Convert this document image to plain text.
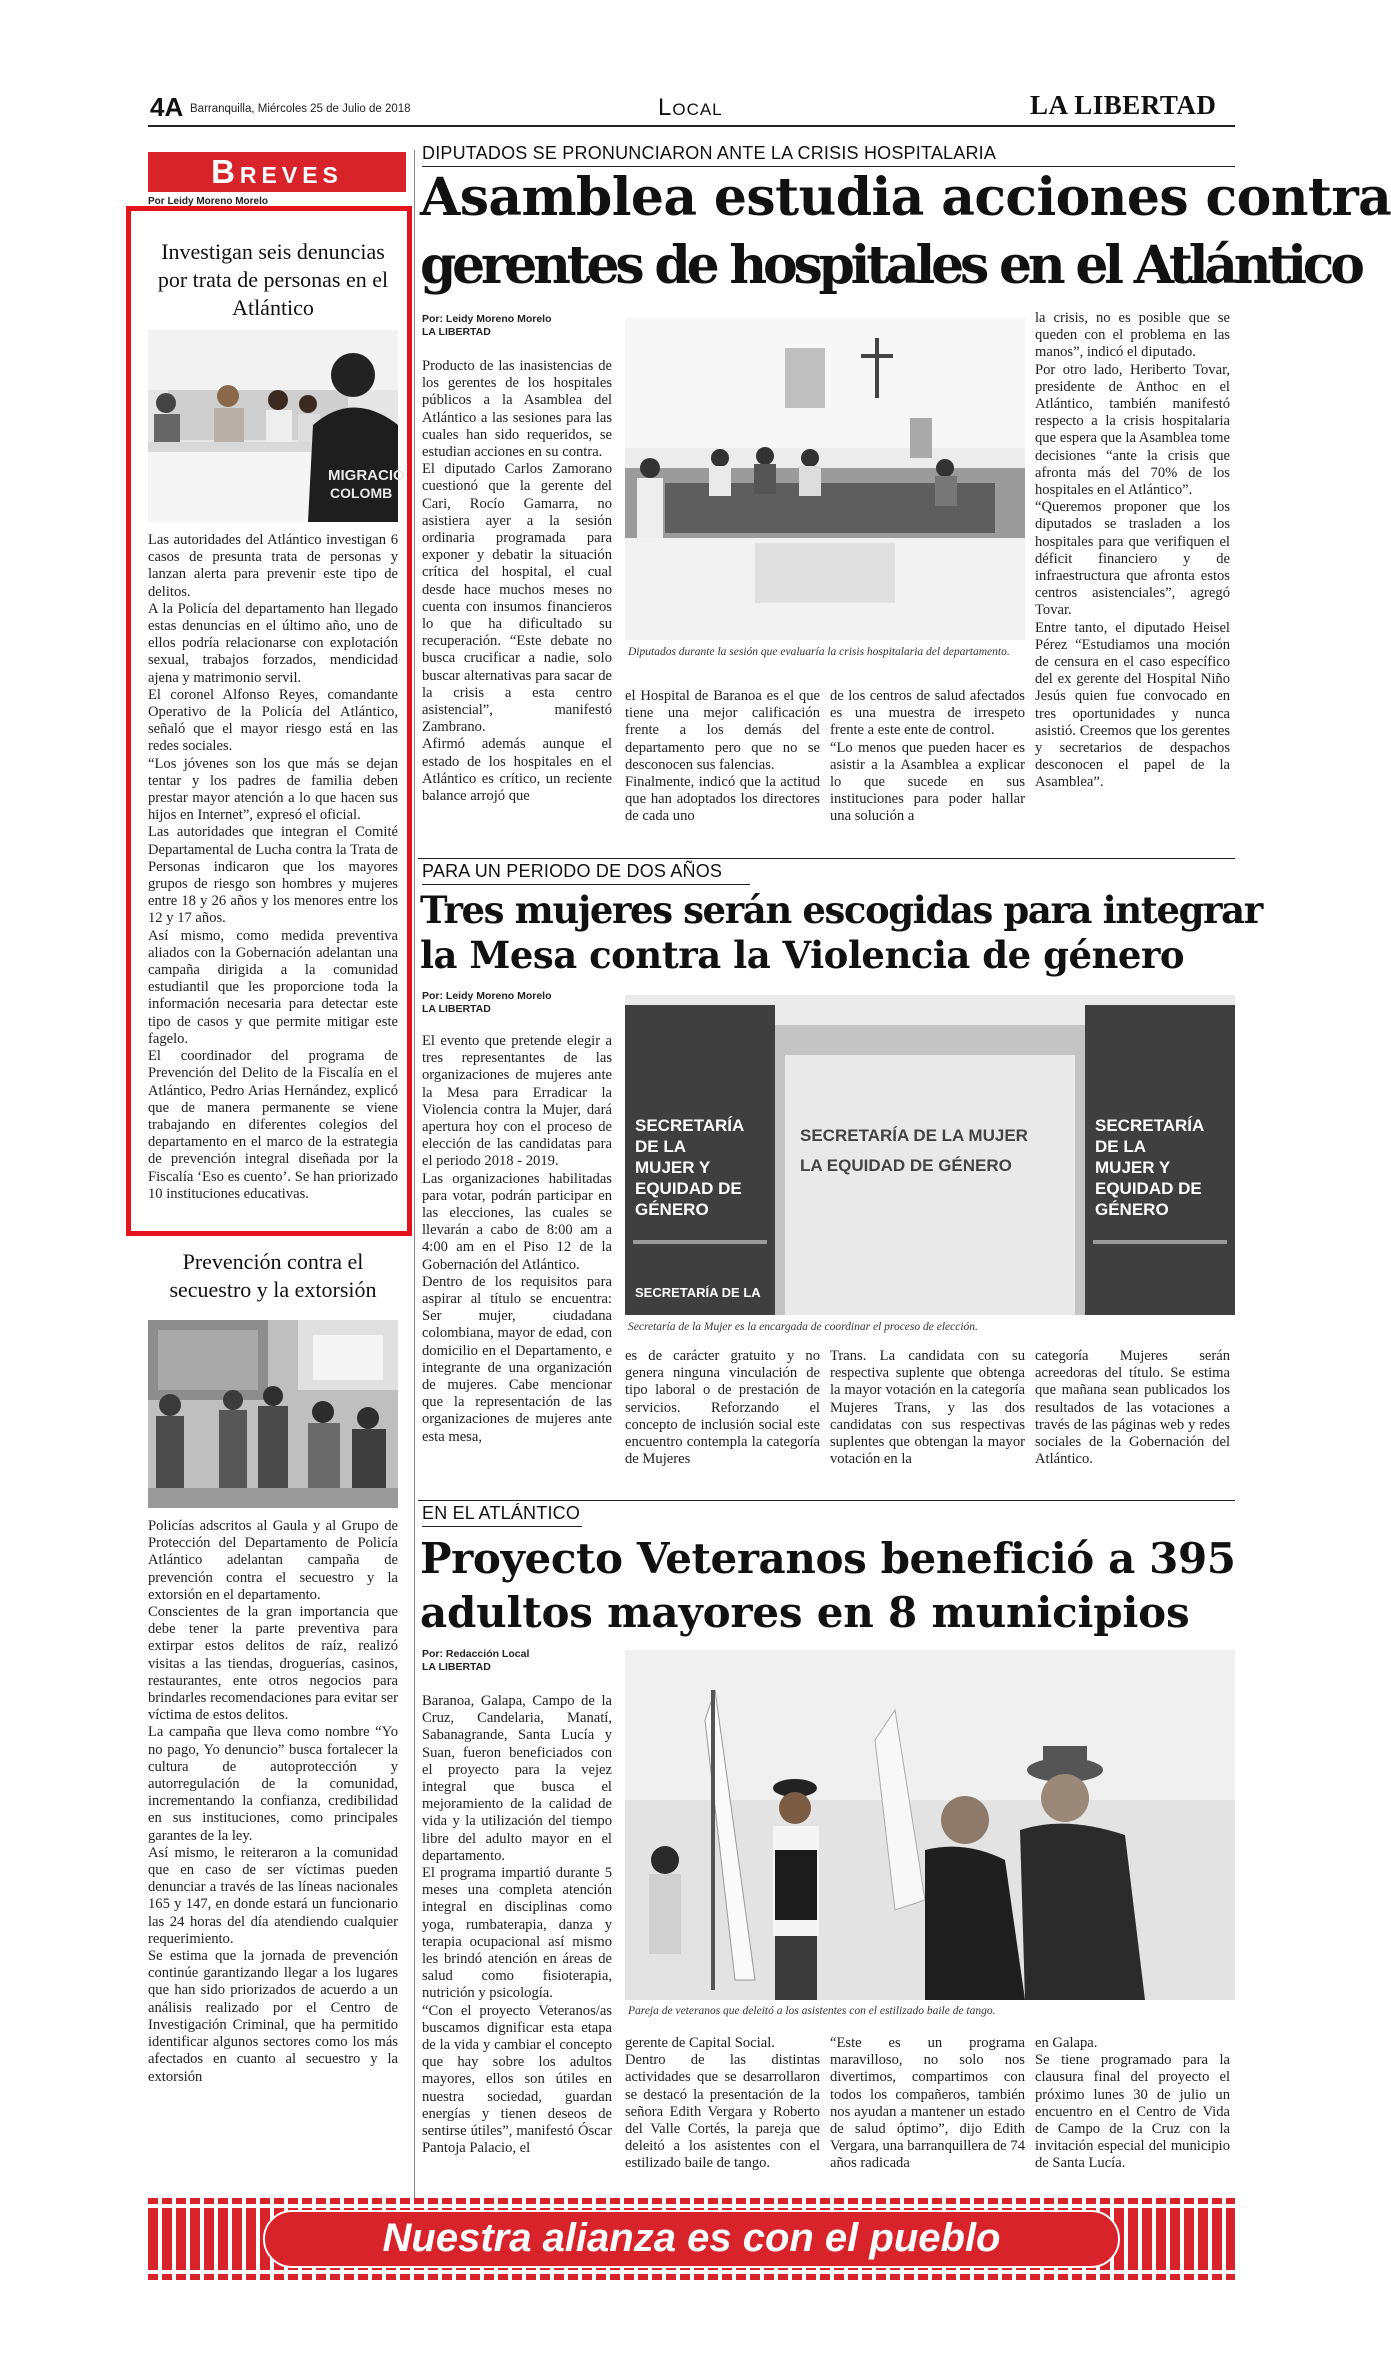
4A Barranquilla, Miércoles 25 de Julio de 2018	Local	LA LIBERTAD
Breves
Por Leidy Moreno Morelo
Investigan seis denuncias por trata de personas en el Atlántico
MIGRACIÓ
COLOMB
Las autoridades del Atlántico investigan 6 casos de presunta trata de personas y lanzan alerta para prevenir este tipo de delitos.
A la Policía del departamento han llegado estas denuncias en el último año, uno de ellos podría relacionarse con explotación sexual, trabajos forzados, mendicidad ajena y matrimonio servil.
El coronel Alfonso Reyes, comandante Operativo de la Policía del Atlántico, señaló que el mayor riesgo está en las redes sociales.
“Los jóvenes son los que más se dejan tentar y los padres de familia deben prestar mayor atención a lo que hacen sus hijos en Internet”, expresó el oficial.
Las autoridades que integran el Comité Departamental de Lucha contra la Trata de Personas indicaron que los mayores grupos de riesgo son hombres y mujeres entre 18 y 26 años y los menores entre los 12 y 17 años.
Así mismo, como medida preventiva aliados con la Gobernación adelantan una campaña dirigida a la comunidad estudiantil que les proporcione toda la información necesaria para detectar este tipo de casos y que permite mitigar este fagelo.
El coordinador del programa de Prevención del Delito de la Fiscalía en el Atlántico, Pedro Arias Hernández, explicó que de manera permanente se viene trabajando en diferentes colegios del departamento en el marco de la estrategia de prevención integral diseñada por la Fiscalía ‘Eso es cuento’. Se han priorizado 10 instituciones educativas.
Prevención contra el secuestro y la extorsión
Policías adscritos al Gaula y al Grupo de Protección del Departamento de Policía Atlántico adelantan campaña de prevención contra el secuestro y la extorsión en el departamento.
Conscientes de la gran importancia que debe tener la parte preventiva para extirpar estos delitos de raíz, realizó visitas a las tiendas, droguerías, casinos, restaurantes, ente otros negocios para brindarles recomendaciones para evitar ser víctima de estos delitos.
La campaña que lleva como nombre “Yo no pago, Yo denuncio” busca fortalecer la cultura de autoprotección y autorregulación de la comunidad, incrementando la confianza, credibilidad en sus instituciones, como principales garantes de la ley.
Así mismo, le reiteraron a la comunidad que en caso de ser víctimas pueden denunciar a través de las líneas nacionales 165 y 147, en donde estará un funcionario las 24 horas del día atendiendo cualquier requerimiento.
Se estima que la jornada de prevención continúe garantizando llegar a los lugares que han sido priorizados de acuerdo a un análisis realizado por el Centro de Investigación Criminal, que ha permitido identificar algunos sectores como los más afectados en cuanto al secuestro y la extorsión
DIPUTADOS SE PRONUNCIARON ANTE LA CRISIS HOSPITALARIA
Asamblea estudia acciones contra
gerentes de hospitales en el Atlántico
Por: Leidy Moreno Morelo
LA LIBERTAD
Producto de las inasistencias de los gerentes de los hospitales públicos a la Asamblea del Atlántico a las sesiones para las cuales han sido requeridos, se estudian acciones en su contra.
El diputado Carlos Zamorano cuestionó que la gerente del Cari, Rocío Gamarra, no asistiera ayer a la sesión ordinaria programada para exponer y debatir la situación crítica del hospital, el cual desde hace muchos meses no cuenta con insumos financieros lo que ha dificultado su recuperación. “Este debate no busca crucificar a nadie, solo buscar alternativas para sacar de la crisis a esta centro asistencial”, manifestó Zambrano.
Afirmó además aunque el estado de los hospitales en el Atlántico es crítico, un reciente balance arrojó que
Diputados durante la sesión que evaluaría la crisis hospitalaria del departamento.
el Hospital de Baranoa es el que tiene una mejor calificación frente a los demás del departamento pero que no se desconocen sus falencias.
Finalmente, indicó que la actitud que han adoptados los directores de cada uno
de los centros de salud afectados es una muestra de irrespeto frente a este ente de control.
“Lo menos que pueden hacer es asistir a la Asamblea a explicar lo que sucede en sus instituciones para poder hallar una solución a
la crisis, no es posible que se queden con el problema en las manos”, indicó el diputado.
Por otro lado, Heriberto Tovar, presidente de Anthoc en el Atlántico, también manifestó respecto a la crisis hospitalaria que espera que la Asamblea tome decisiones “ante la crisis que afronta más del 70% de los hospitales en el Atlántico”.
“Queremos proponer que los diputados se trasladen a los hospitales para que verifiquen el déficit financiero y de infraestructura que afronta estos centros asistenciales”, agregó Tovar.
Entre tanto, el diputado Heisel Pérez “Estudiamos una moción de censura en el caso específico del ex gerente del Hospital Niño Jesús quien fue convocado en tres oportunidades y nunca asistió. Creemos que los gerentes y secretarios de despachos desconocen el papel de la Asamblea”.
PARA UN PERIODO DE DOS AÑOS
Tres mujeres serán escogidas para integrar
la Mesa contra la Violencia de género
Por: Leidy Moreno Morelo
LA LIBERTAD
El evento que pretende elegir a tres representantes de las organizaciones de mujeres ante la Mesa para Erradicar la Violencia contra la Mujer, dará apertura hoy con el proceso de elección de las candidatas para el periodo 2018 - 2019.
Las organizaciones habilitadas para votar, podrán participar en las elecciones, las cuales se llevarán a cabo de 8:00 am a 4:00 am en el Piso 12 de la Gobernación del Atlántico.
Dentro de los requisitos para aspirar al título se encuentra: Ser mujer, ciudadana colombiana, mayor de edad, con domicilio en el Departamento, e integrante de una organización de mujeres. Cabe mencionar que la representación de las organizaciones de mujeres ante esta mesa,
SECRETARÍA DE LA
MUJER Y
EQUIDAD DE
GÉNERO
SECRETARÍA DE LA
MUJER Y
EQUIDAD DE
GÉNERO
SECRETARÍA DE LA
SECRETARÍA DE LA MUJER
LA EQUIDAD DE GÉNERO
Secretaría de la Mujer es la encargada de coordinar el proceso de elección.
es de carácter gratuito y no genera ninguna vinculación de tipo laboral o de prestación de servicios. Reforzando el concepto de inclusión social este encuentro contempla la categoría de Mujeres
Trans. La candidata con su respectiva suplente que obtenga la mayor votación en la categoría Mujeres Trans, y las dos candidatas con sus respectivas suplentes que obtengan la mayor votación en la
categoría Mujeres serán acreedoras del título. Se estima que mañana sean publicados los resultados de las votaciones a través de las páginas web y redes sociales de la Gobernación del Atlántico.
EN EL ATLÁNTICO
Proyecto Veteranos benefició a 395
adultos mayores en 8 municipios
Por: Redacción Local
LA LIBERTAD
Baranoa, Galapa, Campo de la Cruz, Candelaria, Manatí, Sabanagrande, Santa Lucía y Suan, fueron beneficiados con el proyecto para la vejez integral que busca el mejoramiento de la calidad de vida y la utilización del tiempo libre del adulto mayor en el departamento.
El programa impartió durante 5 meses una completa atención integral en disciplinas como yoga, rumbaterapia, danza y terapia ocupacional así mismo les brindó atención en áreas de salud como fisioterapia, nutrición y psicología.
“Con el proyecto Veteranos/as buscamos dignificar esta etapa de la vida y cambiar el concepto que hay sobre los adultos mayores, ellos son útiles en nuestra sociedad, guardan energías y tienen deseos de sentirse útiles”, manifestó Óscar Pantoja Palacio, el
Pareja de veteranos que deleitó a los asistentes con el estilizado baile de tango.
gerente de Capital Social.
Dentro de las distintas actividades que se desarrollaron se destacó la presentación de la señora Edith Vergara y Roberto del Valle Cortés, la pareja que deleitó a los asistentes con el estilizado baile de tango.
“Este es un programa maravilloso, no solo nos divertimos, compartimos con todos los compañeros, también nos ayudan a mantener un estado de salud óptimo”, dijo Edith Vergara, una barranquillera de 74 años radicada
en Galapa.
Se tiene programado para la clausura final del proyecto el próximo lunes 30 de julio un encuentro en el Centro de Vida de Campo de la Cruz con la invitación especial del municipio de Santa Lucía.
Nuestra alianza es con el pueblo
